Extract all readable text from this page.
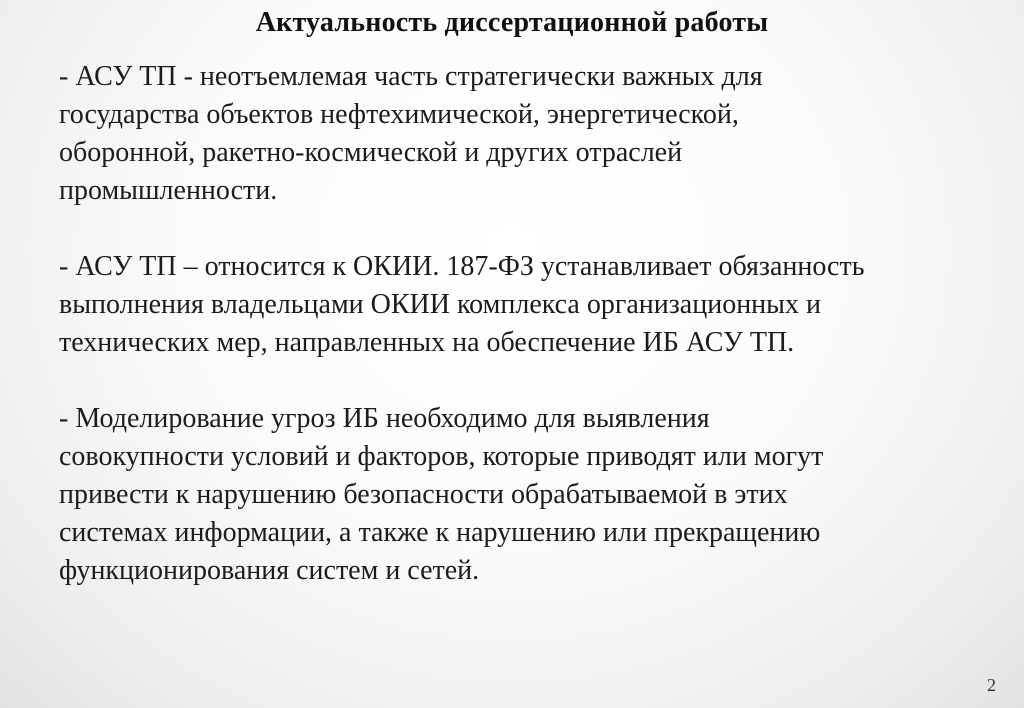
Актуальность диссертационной работы

- АСУ ТП - неотъемлемая часть стратегически важных для
государства объектов нефтехимической, энергетической,
оборонной, ракетно-космической и других отраслей
промышленности.

- АСУ ТП – относится к ОКИИ. 187-ФЗ устанавливает обязанность
выполнения владельцами ОКИИ комплекса организационных и
технических мер, направленных на обеспечение ИБ АСУ ТП.

- Моделирование угроз ИБ необходимо для выявления
совокупности условий и факторов, которые приводят или могут
привести к нарушению безопасности обрабатываемой в этих
системах информации, а также к нарушению или прекращению
функционирования систем и сетей.

2
